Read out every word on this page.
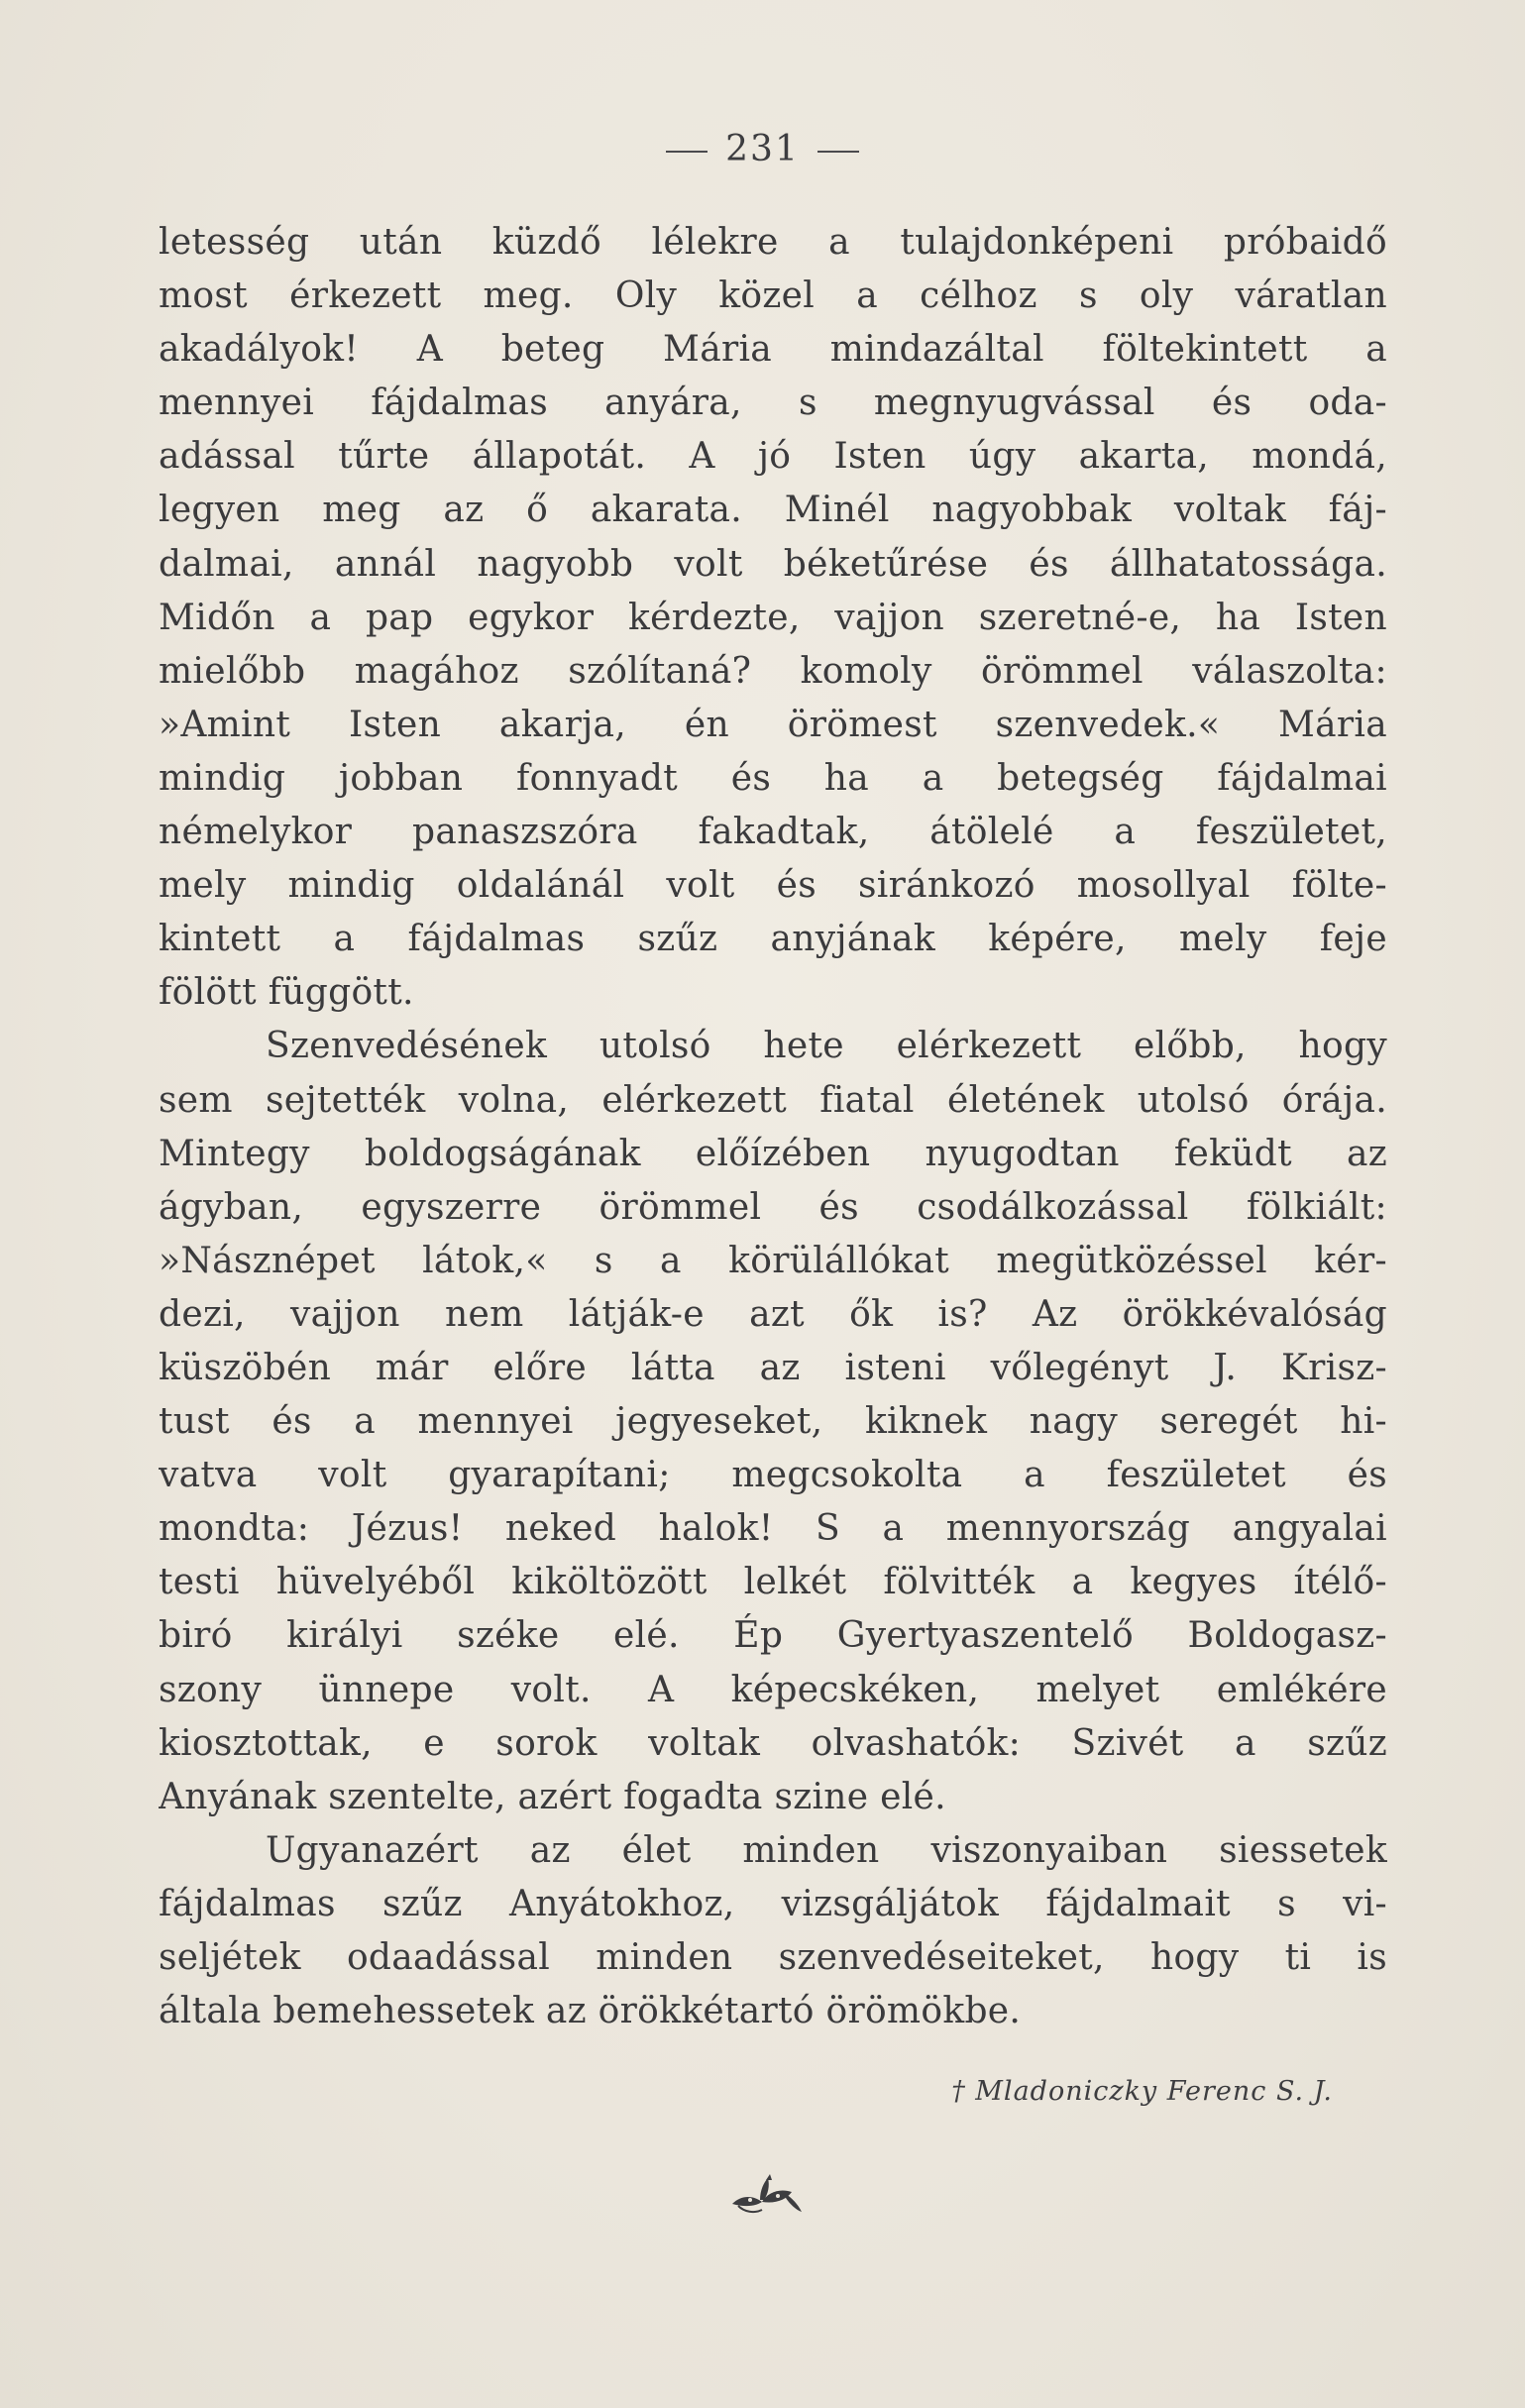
231
letesség után küzdő lélekre a tulajdonképeni próbaidő
most érkezett meg. Oly közel a célhoz s oly váratlan
akadályok! A beteg Mária mindazáltal föltekintett a
mennyei fájdalmas anyára, s megnyugvással és oda-
adással tűrte állapotát. A jó Isten úgy akarta, mondá,
legyen meg az ő akarata. Minél nagyobbak voltak fáj-
dalmai, annál nagyobb volt béketűrése és állhatatossága.
Midőn a pap egykor kérdezte, vajjon szeretné-e, ha Isten
mielőbb magához szólítaná? komoly örömmel válaszolta:
»Amint Isten akarja, én örömest szenvedek.« Mária
mindig jobban fonnyadt és ha a betegség fájdalmai
némelykor panaszszóra fakadtak, átölelé a feszületet,
mely mindig oldalánál volt és siránkozó mosollyal fölte-
kintett a fájdalmas szűz anyjának képére, mely feje
fölött függött.
Szenvedésének utolsó hete elérkezett előbb, hogy
sem sejtették volna, elérkezett fiatal életének utolsó órája.
Mintegy boldogságának előízében nyugodtan feküdt az
ágyban, egyszerre örömmel és csodálkozással fölkiált:
»Násznépet látok,« s a körülállókat megütközéssel kér-
dezi, vajjon nem látják-e azt ők is? Az örökkévalóság
küszöbén már előre látta az isteni vőlegényt J. Krisz-
tust és a mennyei jegyeseket, kiknek nagy seregét hi-
vatva volt gyarapítani; megcsokolta a feszületet és
mondta: Jézus! neked halok! S a mennyország angyalai
testi hüvelyéből kiköltözött lelkét fölvitték a kegyes ítélő-
biró királyi széke elé. Ép Gyertyaszentelő Boldogasz-
szony ünnepe volt. A képecskéken, melyet emlékére
kiosztottak, e sorok voltak olvashatók: Szivét a szűz
Anyának szentelte, azért fogadta szine elé.
Ugyanazért az élet minden viszonyaiban siessetek
fájdalmas szűz Anyátokhoz, vizsgáljátok fájdalmait s vi-
seljétek odaadással minden szenvedéseiteket, hogy ti is
általa bemehessetek az örökkétartó örömökbe.
† Mladoniczky Ferenc S. J.
